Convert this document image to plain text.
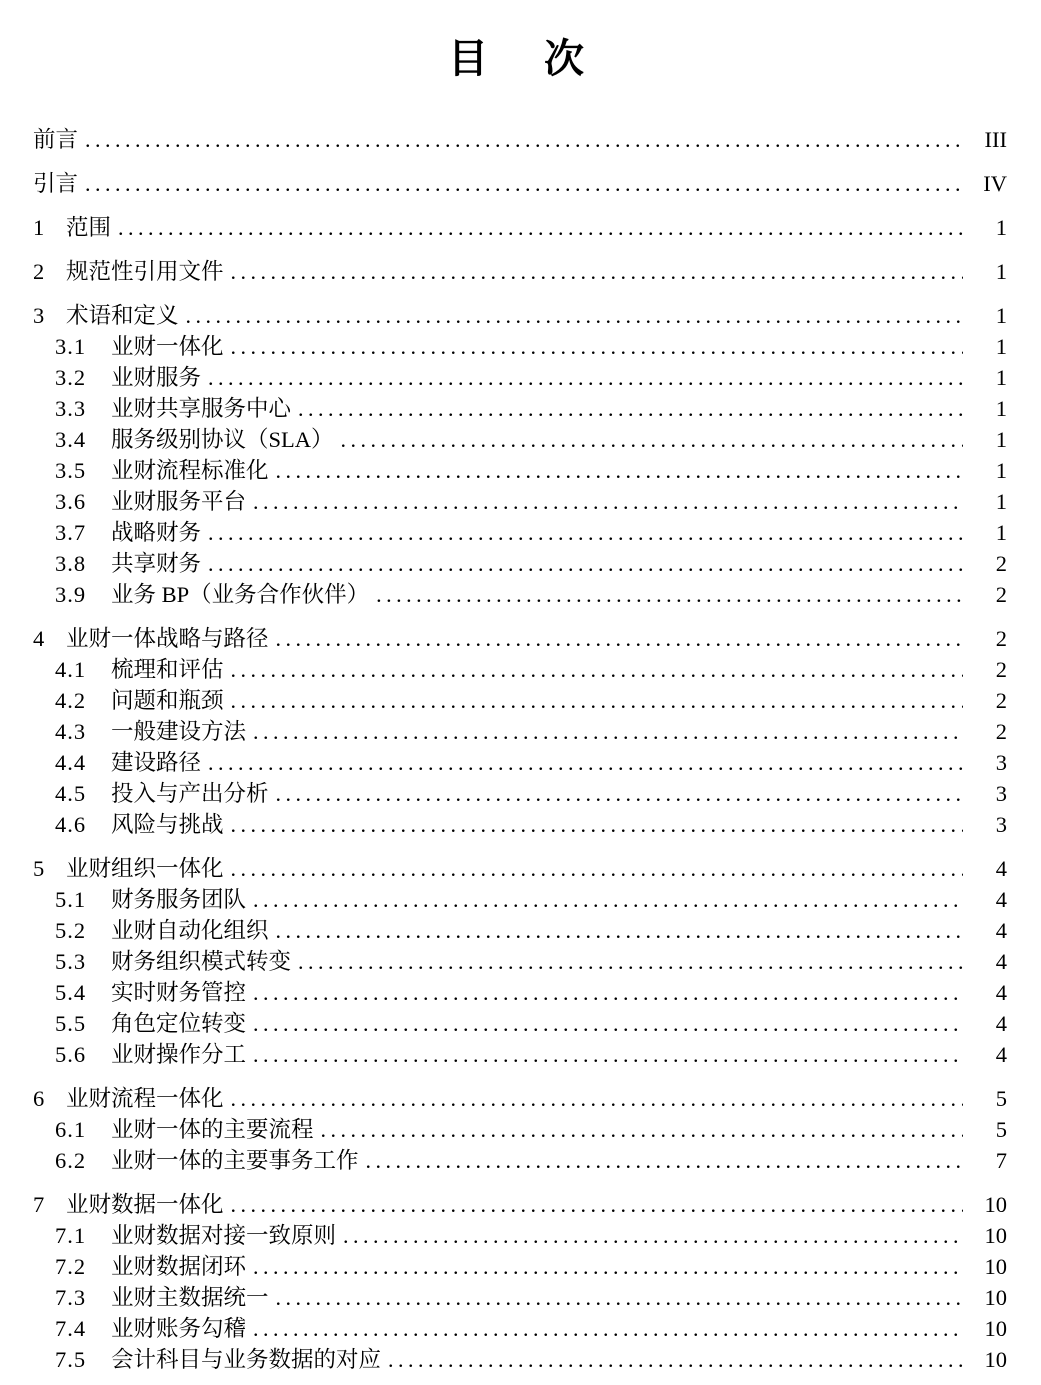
目　次
前言 .....	III
引言 .....	IV
1 范围 .....	1
2 规范性引用文件 .....	1
3 术语和定义 .....	1
3.1	业财一体化 .....	1
3.2	业财服务 .....	1
3.3	业财共享服务中心 .....	1
3.4	服务级别协议（SLA） .....	1
3.5	业财流程标准化 .....	1
3.6	业财服务平台 .....	1
3.7	战略财务 .....	1
3.8	共享财务 .....	2
3.9	业务 BP（业务合作伙伴） .....	2
4 业财一体战略与路径 .....	2
4.1	梳理和评估 .....	2
4.2	问题和瓶颈 .....	2
4.3	一般建设方法 .....	2
4.4	建设路径 .....	3
4.5	投入与产出分析 .....	3
4.6	风险与挑战 .....	3
5 业财组织一体化 .....	4
5.1	财务服务团队 .....	4
5.2	业财自动化组织 .....	4
5.3	财务组织模式转变 .....	4
5.4	实时财务管控 .....	4
5.5	角色定位转变 .....	4
5.6	业财操作分工 .....	4
6 业财流程一体化 .....	5
6.1	业财一体的主要流程 .....	5
6.2	业财一体的主要事务工作 .....	7
7 业财数据一体化 .....	10
7.1	业财数据对接一致原则 .....	10
7.2	业财数据闭环 .....	10
7.3	业财主数据统一 .....	10
7.4	业财账务勾稽 .....	10
7.5	会计科目与业务数据的对应 .....	10
